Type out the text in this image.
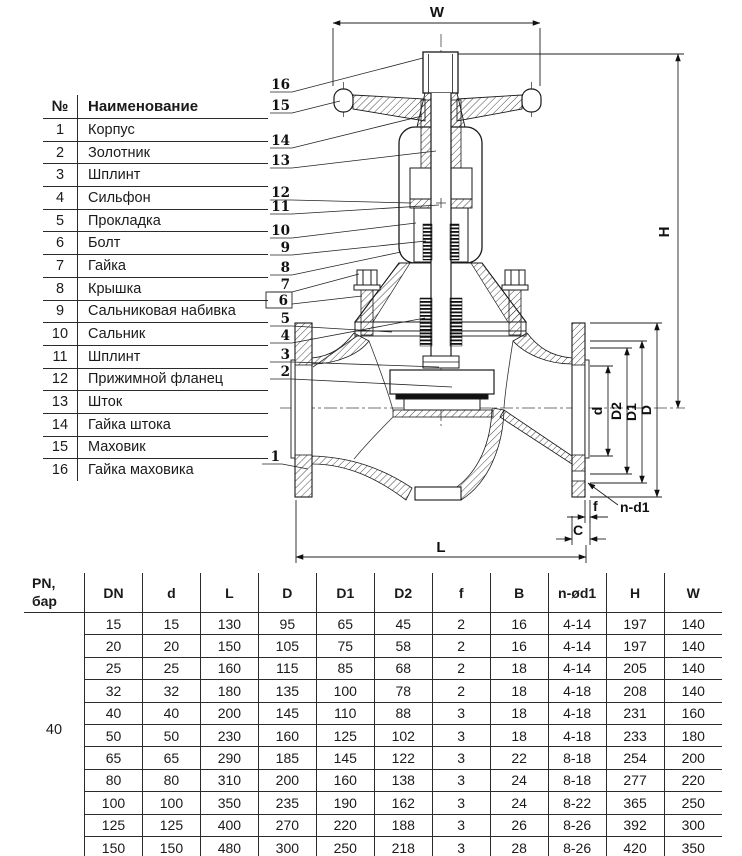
W
H
L
d D2 D1 D
n-d1
f
C
16
15
14
13
12
11
10
9
8
7
6
5
4
3
2
1
№	Наименование
1	Корпус
2	Золотник
3	Шплинт
4	Сильфон
5	Прокладка
6	Болт
7	Гайка
8	Крышка
9	Сальниковая набивка
10	Сальник
11	Шплинт
12	Прижимной фланец
13	Шток
14	Гайка штока
15	Маховик
16	Гайка маховика
PN,
бар
40
DN	d	L	D	D1	D2	f	B	n-ød1	H	W
15	15	130	95	65	45	2	16	4-14	197	140
20	20	150	105	75	58	2	16	4-14	197	140
25	25	160	115	85	68	2	18	4-14	205	140
32	32	180	135	100	78	2	18	4-18	208	140
40	40	200	145	110	88	3	18	4-18	231	160
50	50	230	160	125	102	3	18	4-18	233	180
65	65	290	185	145	122	3	22	8-18	254	200
80	80	310	200	160	138	3	24	8-18	277	220
100	100	350	235	190	162	3	24	8-22	365	250
125	125	400	270	220	188	3	26	8-26	392	300
150	150	480	300	250	218	3	28	8-26	420	350
